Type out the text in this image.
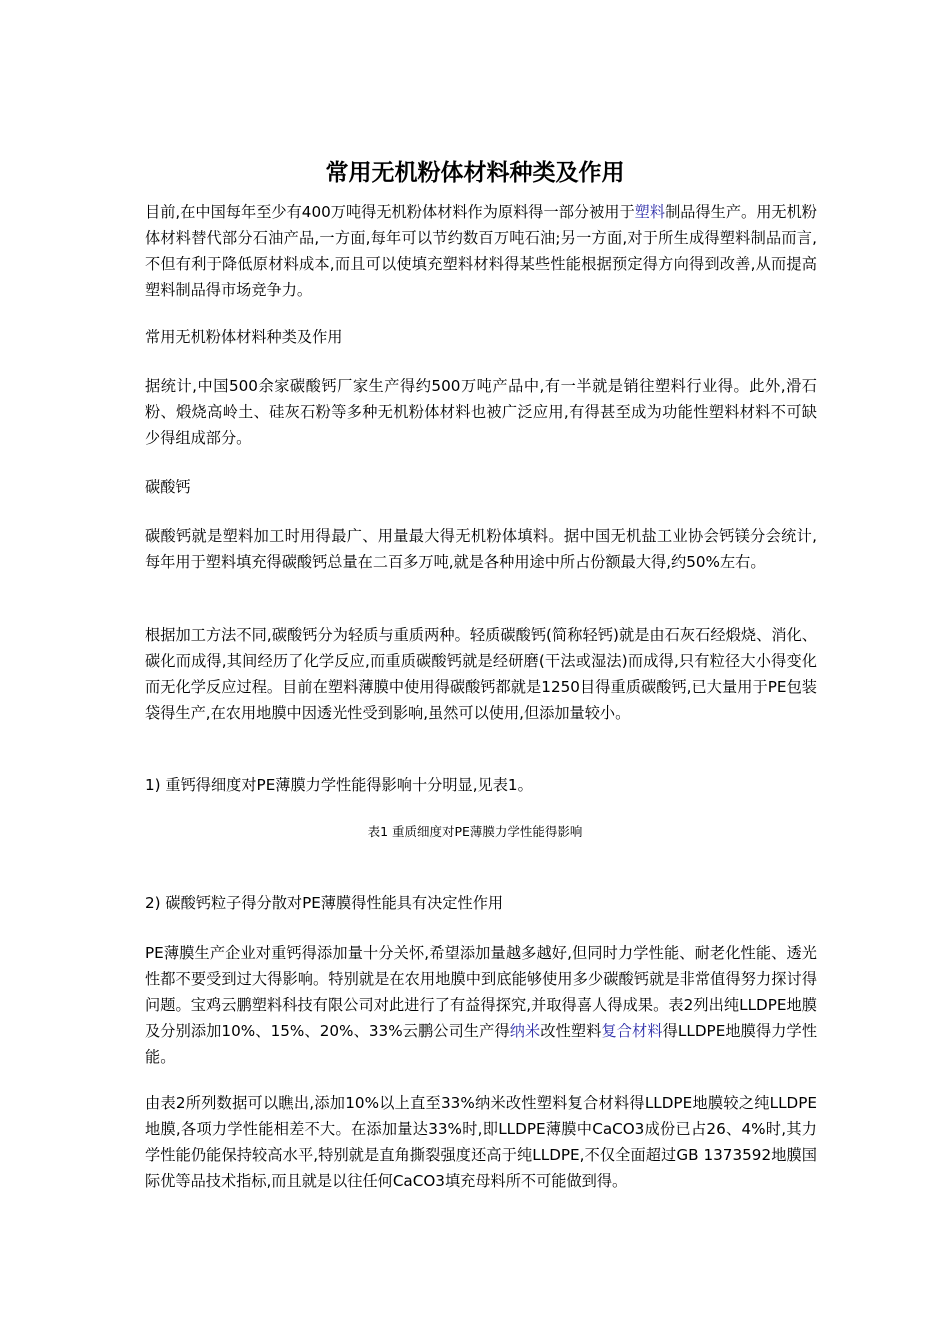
常用无机粉体材料种类及作用

目前,在中国每年至少有400万吨得无机粉体材料作为原料得一部分被用于塑料制品得生产。用无机粉体材料替代部分石油产品,一方面,每年可以节约数百万吨石油;另一方面,对于所生成得塑料制品而言,不但有利于降低原材料成本,而且可以使填充塑料材料得某些性能根据预定得方向得到改善,从而提高塑料制品得市场竞争力。

常用无机粉体材料种类及作用

据统计,中国500余家碳酸钙厂家生产得约500万吨产品中,有一半就是销往塑料行业得。此外,滑石粉、煅烧高岭土、硅灰石粉等多种无机粉体材料也被广泛应用,有得甚至成为功能性塑料材料不可缺少得组成部分。

碳酸钙

碳酸钙就是塑料加工时用得最广、用量最大得无机粉体填料。据中国无机盐工业协会钙镁分会统计,每年用于塑料填充得碳酸钙总量在二百多万吨,就是各种用途中所占份额最大得,约50%左右。

根据加工方法不同,碳酸钙分为轻质与重质两种。轻质碳酸钙(简称轻钙)就是由石灰石经煅烧、消化、碳化而成得,其间经历了化学反应,而重质碳酸钙就是经研磨(干法或湿法)而成得,只有粒径大小得变化而无化学反应过程。目前在塑料薄膜中使用得碳酸钙都就是1250目得重质碳酸钙,已大量用于PE包装袋得生产,在农用地膜中因透光性受到影响,虽然可以使用,但添加量较小。

1) 重钙得细度对PE薄膜力学性能得影响十分明显,见表1。

表1 重质细度对PE薄膜力学性能得影响

2) 碳酸钙粒子得分散对PE薄膜得性能具有决定性作用

PE薄膜生产企业对重钙得添加量十分关怀,希望添加量越多越好,但同时力学性能、耐老化性能、透光性都不要受到过大得影响。特别就是在农用地膜中到底能够使用多少碳酸钙就是非常值得努力探讨得问题。宝鸡云鹏塑料科技有限公司对此进行了有益得探究,并取得喜人得成果。表2列出纯LLDPE地膜及分别添加10%、15%、20%、33%云鹏公司生产得纳米改性塑料复合材料得LLDPE地膜得力学性能。

由表2所列数据可以瞧出,添加10%以上直至33%纳米改性塑料复合材料得LLDPE地膜较之纯LLDPE地膜,各项力学性能相差不大。在添加量达33%时,即LLDPE薄膜中CaCO3成份已占26、4%时,其力学性能仍能保持较高水平,特别就是直角撕裂强度还高于纯LLDPE,不仅全面超过GB 1373592地膜国际优等品技术指标,而且就是以往任何CaCO3填充母料所不可能做到得。
